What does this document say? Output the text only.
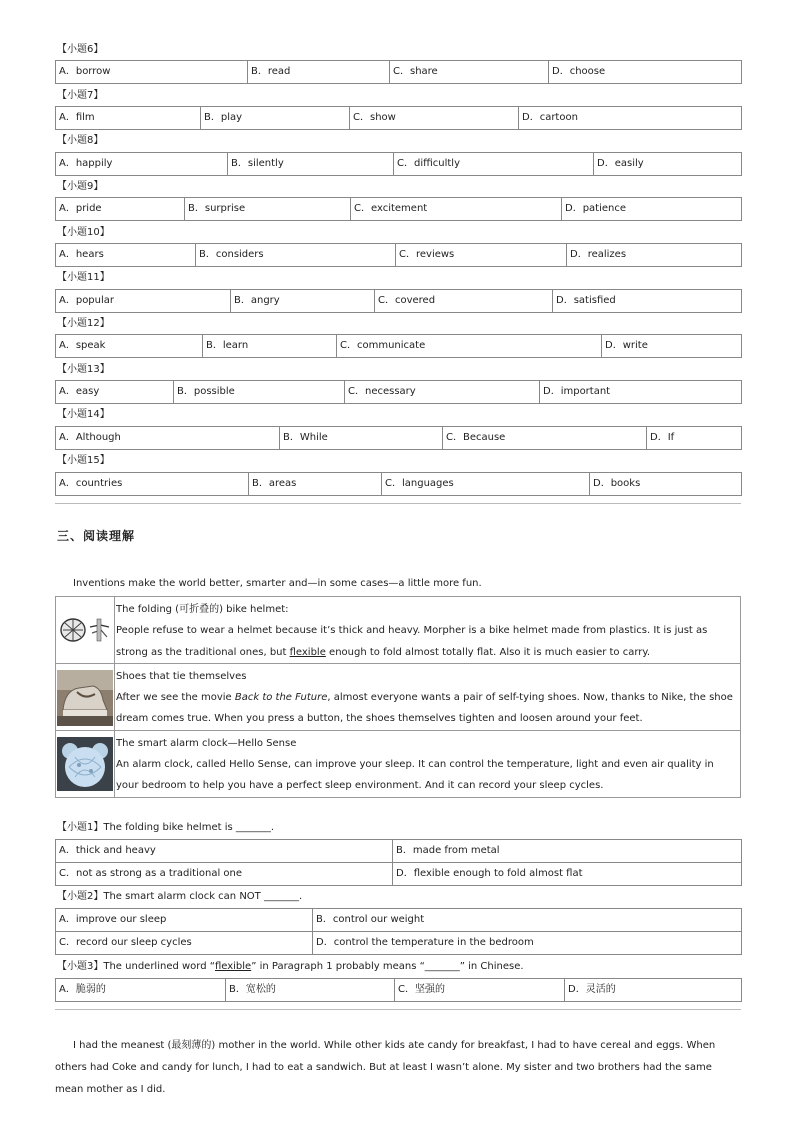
【小题6】
A．borrow	B．read	C．share	D．choose
【小题7】
A．film	B．play	C．show	D．cartoon
【小题8】
A．happily	B．silently	C．difficultly	D．easily
【小题9】
A．pride	B．surprise	C．excitement	D．patience
【小题10】
A．hears	B．considers	C．reviews	D．realizes
【小题11】
A．popular	B．angry	C．covered	D．satisfied
【小题12】
A．speak	B．learn	C．communicate	D．write
【小题13】
A．easy	B．possible	C．necessary	D．important
【小题14】
A．Although	B．While	C．Because	D．If
【小题15】
A．countries	B．areas	C．languages	D．books
三、阅读理解
Inventions make the world better, smarter and—in some cases—a little more fun.

The folding (可折叠的) bike helmet:
People refuse to wear a helmet because it’s thick and heavy. Morpher is a bike helmet made from plastics. It is just as strong as the traditional ones, but flexible enough to fold almost totally flat. Also it is much easier to carry.

Shoes that tie themselves
After we see the movie Back to the Future, almost everyone wants a pair of self-tying shoes. Now, thanks to Nike, the shoe dream comes true. When you press a button, the shoes themselves tighten and loosen around your feet.

The smart alarm clock—Hello Sense
An alarm clock, called Hello Sense, can improve your sleep. It can control the temperature, light and even air quality in your bedroom to help you have a perfect sleep environment. And it can record your sleep cycles.
【小题1】The folding bike helmet is _______.
A．thick and heavy	B．made from metal
C．not as strong as a traditional one	D．flexible enough to fold almost flat
【小题2】The smart alarm clock can NOT _______.
A．improve our sleep	B．control our weight
C．record our sleep cycles	D．control the temperature in the bedroom
【小题3】The underlined word “flexible” in Paragraph 1 probably means “_______” in Chinese.
A．脆弱的	B．宽松的	C．坚强的	D．灵活的
I had the meanest (最刻薄的) mother in the world. While other kids ate candy for breakfast, I had to have cereal and eggs. When others had Coke and candy for lunch, I had to eat a sandwich. But at least I wasn’t alone. My sister and two brothers had the same mean mother as I did.
